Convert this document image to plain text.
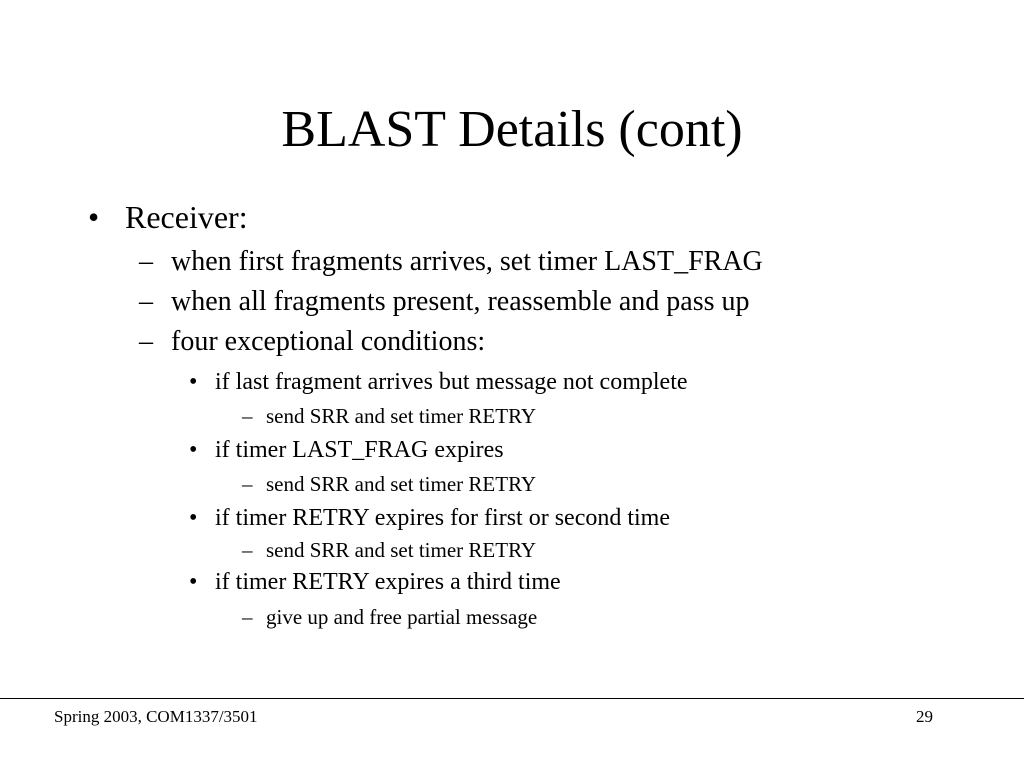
BLAST Details (cont)
• Receiver:
– when first fragments arrives, set timer LAST_FRAG
– when all fragments present, reassemble and pass up
– four exceptional conditions:
• if last fragment arrives but message not complete
– send SRR and set timer RETRY
• if timer LAST_FRAG expires
– send SRR and set timer RETRY
• if timer RETRY expires for first or second time
– send SRR and set timer RETRY
• if timer RETRY expires a third time
– give up and free partial message
Spring 2003, COM1337/3501	29
